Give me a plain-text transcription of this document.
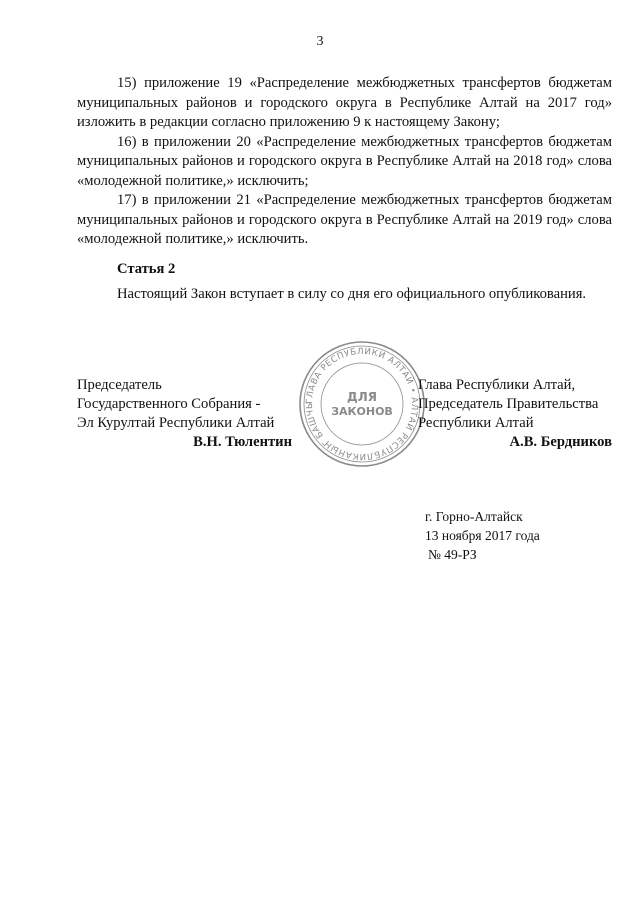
3

15) приложение 19 «Распределение межбюджетных трансфертов бюджетам муниципальных районов и городского округа в Республике Алтай на 2017 год» изложить в редакции согласно приложению 9 к настоящему Закону;

16) в приложении 20 «Распределение межбюджетных трансфертов бюджетам муниципальных районов и городского округа в Республике Алтай на 2018 год» слова «молодежной политике,» исключить;

17) в приложении 21 «Распределение межбюджетных трансфертов бюджетам муниципальных районов и городского округа в Республике Алтай на 2019 год» слова «молодежной политике,» исключить.

Статья 2

Настоящий Закон вступает в силу со дня его официального опубликования.

ГЛАВА РЕСПУБЛИКИ АЛТАЙ • АЛТАЙ РЕСПУБЛИКАНЫҤ БАШЧЫ
ДЛЯ
ЗАКОНОВ
Председатель
Государственного Собрания -
Эл Курултай Республики Алтай
В.Н. Тюлентин
Глава Республики Алтай,
Председатель Правительства
Республики Алтай
А.В. Бердников
г. Горно-Алтайск
13 ноября 2017 года
№ 49-РЗ
